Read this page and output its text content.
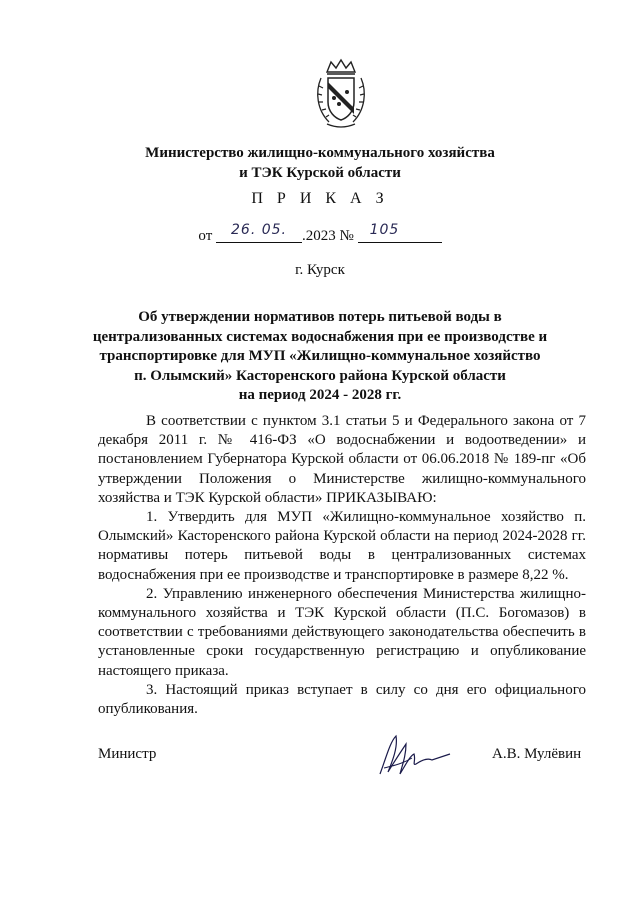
Министерство жилищно-коммунального хозяйства
и ТЭК Курской области
П Р И К А З
от	26. 05.	.2023 № 105
г. Курск
Об утверждении нормативов потерь питьевой воды в
централизованных системах водоснабжения при ее производстве и
транспортировке для МУП «Жилищно-коммунальное хозяйство
п. Олымский» Касторенского района Курской области
на период 2024 - 2028 гг.

В соответствии с пунктом 3.1 статьи 5 и Федерального закона от 7 декабря 2011 г. № 416-ФЗ «О водоснабжении и водоотведении» и постановлением Губернатора Курской области от 06.06.2018 № 189-пг «Об утверждении Положения о Министерстве жилищно-коммунального хозяйства и ТЭК Курской области» ПРИКАЗЫВАЮ:

1. Утвердить для МУП «Жилищно-коммунальное хозяйство п. Олымский» Касторенского района Курской области на период 2024-2028 гг. нормативы потерь питьевой воды в централизованных системах водоснабжения при ее производстве и транспортировке в размере 8,22 %.

2. Управлению инженерного обеспечения Министерства жилищно-коммунального хозяйства и ТЭК Курской области (П.С. Богомазов) в соответствии с требованиями действующего законодательства обеспечить в установленные сроки государственную регистрацию и опубликование настоящего приказа.

3. Настоящий приказ вступает в силу со дня его официального опубликования.

Министр	А.В. Мулёвин
